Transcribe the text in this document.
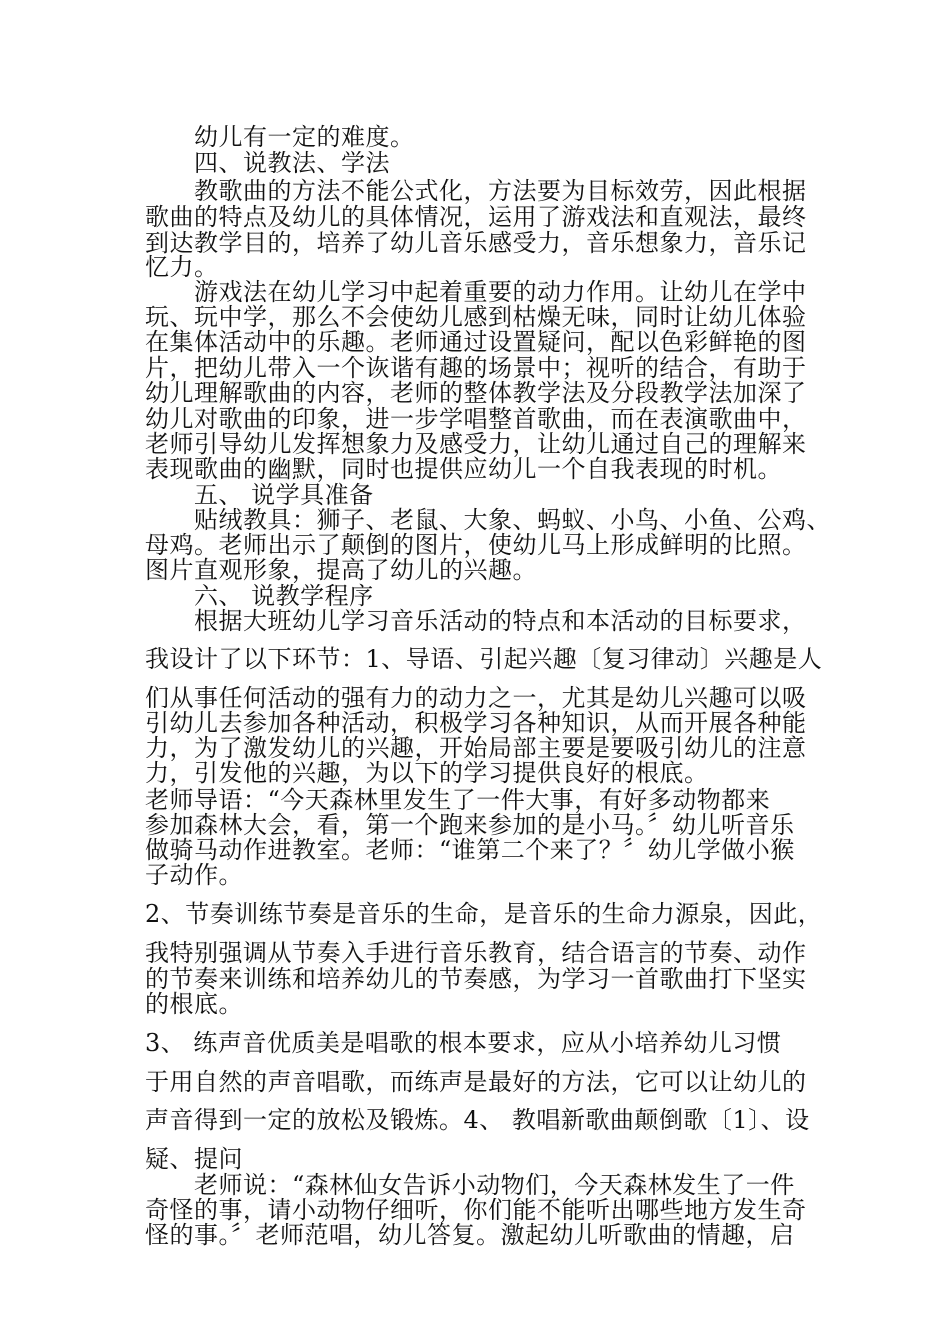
　　幼儿有一定的难度。
　　四、说教法、学法
　　教歌曲的方法不能公式化，方法要为目标效劳，因此根据
歌曲的特点及幼儿的具体情况，运用了游戏法和直观法，最终
到达教学目的，培养了幼儿音乐感受力，音乐想象力，音乐记
忆力。
　　游戏法在幼儿学习中起着重要的动力作用。让幼儿在学中
玩、玩中学，那么不会使幼儿感到枯燥无味，同时让幼儿体验
在集体活动中的乐趣。老师通过设置疑问，配以色彩鲜艳的图
片，把幼儿带入一个诙谐有趣的场景中；视听的结合，有助于
幼儿理解歌曲的内容，老师的整体教学法及分段教学法加深了
幼儿对歌曲的印象，进一步学唱整首歌曲，而在表演歌曲中，
老师引导幼儿发挥想象力及感受力，让幼儿通过自己的理解来
表现歌曲的幽默，同时也提供应幼儿一个自我表现的时机。
　　五、 说学具准备
　　贴绒教具：狮子、老鼠、大象、蚂蚁、小鸟、小鱼、公鸡、
母鸡。老师出示了颠倒的图片，使幼儿马上形成鲜明的比照。
图片直观形象，提高了幼儿的兴趣。
　　六、 说教学程序
　　根据大班幼儿学习音乐活动的特点和本活动的目标要求，
我设计了以下环节：1、导语、引起兴趣〔复习律动〕兴趣是人
们从事任何活动的强有力的动力之一，尤其是幼儿兴趣可以吸
引幼儿去参加各种活动，积极学习各种知识，从而开展各种能
力，为了激发幼儿的兴趣，开始局部主要是要吸引幼儿的注意
力，引发他的兴趣，为以下的学习提供良好的根底。
老师导语：“今天森林里发生了一件大事，有好多动物都来
参加森林大会，看，第一个跑来参加的是小马。〞幼儿听音乐
做骑马动作进教室。老师：“谁第二个来了？〞幼儿学做小猴
子动作。
2、节奏训练节奏是音乐的生命，是音乐的生命力源泉，因此，
我特别强调从节奏入手进行音乐教育，结合语言的节奏、动作
的节奏来训练和培养幼儿的节奏感，为学习一首歌曲打下坚实
的根底。
3、 练声音优质美是唱歌的根本要求，应从小培养幼儿习惯
于用自然的声音唱歌，而练声是最好的方法，它可以让幼儿的
声音得到一定的放松及锻炼。4、 教唱新歌曲颠倒歌〔1〕、设
疑、提问
　　老师说：“森林仙女告诉小动物们，今天森林发生了一件
奇怪的事，请小动物仔细听，你们能不能听出哪些地方发生奇
怪的事。〞老师范唱，幼儿答复。激起幼儿听歌曲的情趣，启
